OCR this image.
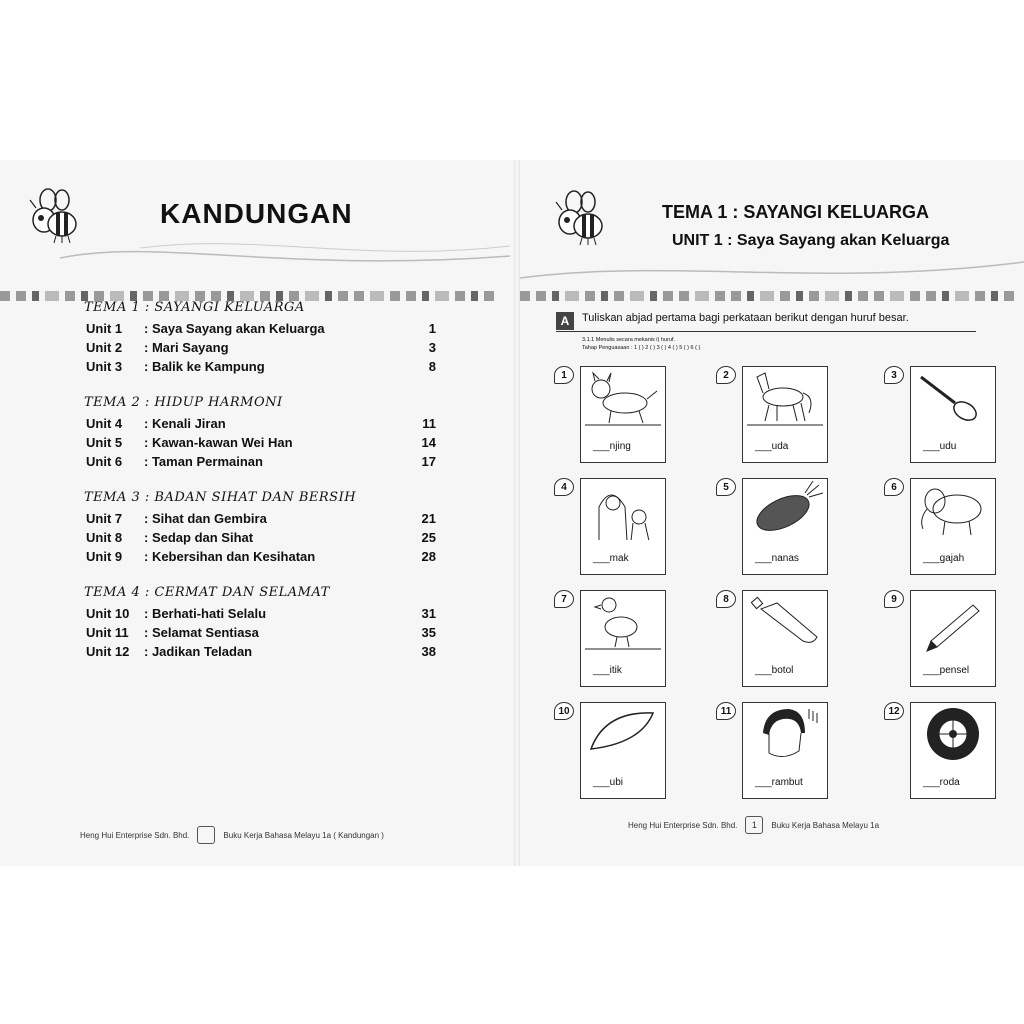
KANDUNGAN
TEMA 1 : SAYANGI KELUARGA
Unit 1	: Saya Sayang akan Keluarga	1
Unit 2	: Mari Sayang	3
Unit 3	: Balik ke Kampung	8
TEMA 2 : HIDUP HARMONI
Unit 4	: Kenali Jiran	11
Unit 5	: Kawan-kawan Wei Han	14
Unit 6	: Taman Permainan	17
TEMA 3 : BADAN SIHAT DAN BERSIH
Unit 7	: Sihat dan Gembira	21
Unit 8	: Sedap dan Sihat	25
Unit 9	: Kebersihan dan Kesihatan	28
TEMA 4 : CERMAT DAN SELAMAT
Unit 10	: Berhati-hati Selalu	31
Unit 11	: Selamat Sentiasa	35
Unit 12	: Jadikan Teladan	38
Heng Hui Enterprise Sdn. Bhd.	Buku Kerja Bahasa Melayu 1a ( Kandungan )
TEMA 1 : SAYANGI KELUARGA
UNIT 1 : Saya Sayang akan Keluarga
A	Tuliskan abjad pertama bagi perkataan berikut dengan huruf besar.
3.1.1 Menulis secara mekanis i) huruf.
Tahap Penguasaan : 1 ( ) 2 ( ) 3 ( ) 4 ( ) 5 ( ) 6 ( )
1
___njing
2
___uda
3
___udu
4
___mak
5
___nanas
6
___gajah
7
___itik
8
___botol
9
___pensel
10
___ubi
11
___rambut
12
___roda
Heng Hui Enterprise Sdn. Bhd.	1	Buku Kerja Bahasa Melayu 1a
